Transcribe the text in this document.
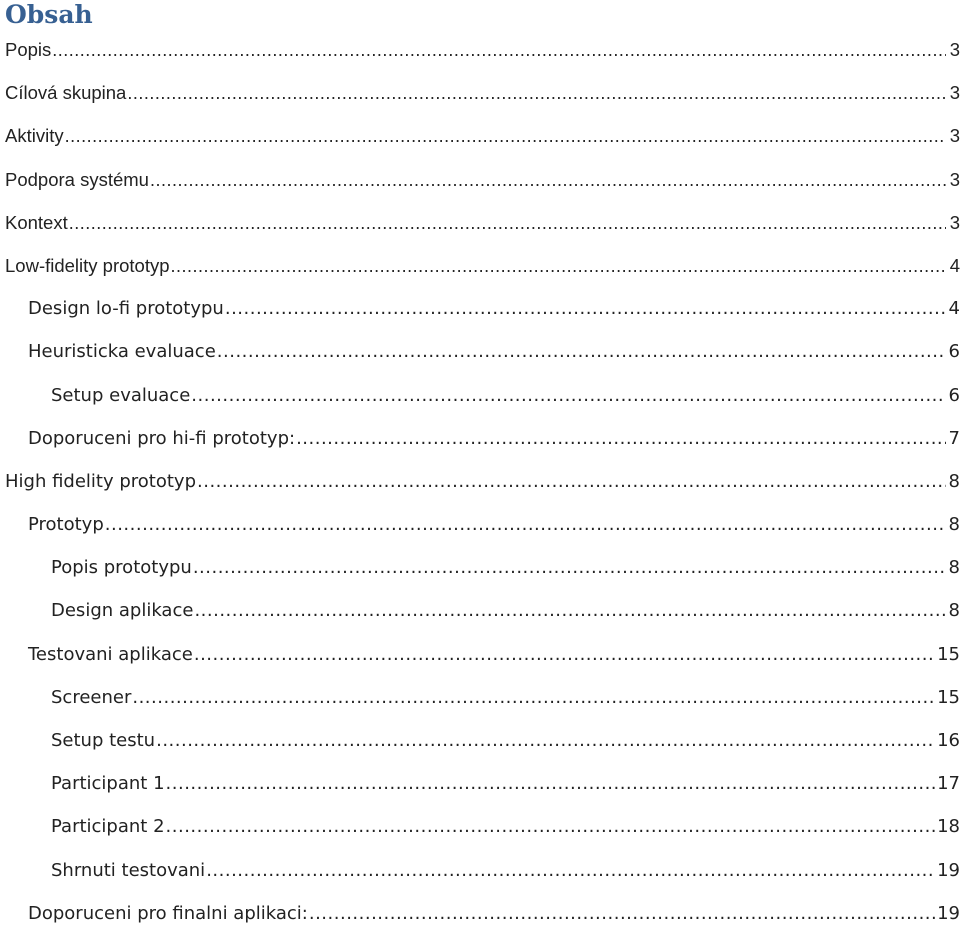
Obsah
Popis .....	3
Cílová skupina .....	3
Aktivity .....	3
Podpora systému .....	3
Kontext .....	3
Low-fidelity prototyp .....	4
Design lo-fi prototypu .....	4
Heuristicka evaluace .....	6
Setup evaluace .....	6
Doporuceni pro hi-fi prototyp: .....	7
High fidelity prototyp .....	8
Prototyp .....	8
Popis prototypu .....	8
Design aplikace .....	8
Testovani aplikace .....	15
Screener .....	15
Setup testu .....	16
Participant 1 .....	17
Participant 2 .....	18
Shrnuti testovani .....	19
Doporuceni pro finalni aplikaci: .....	19
